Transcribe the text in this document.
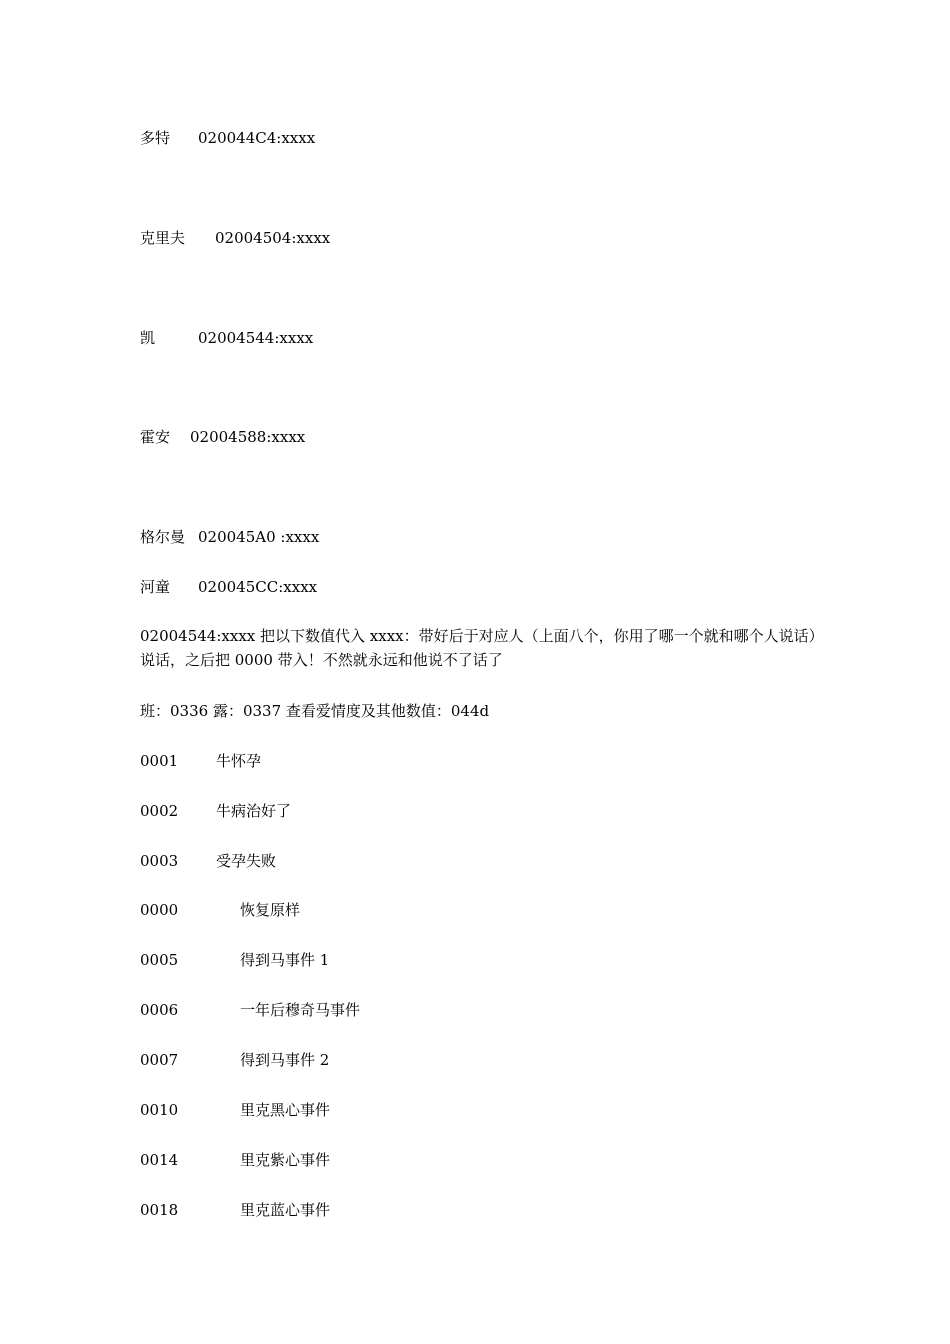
多特 020044C4:xxxx
克里夫 02004504:xxxx
凯	02004544:xxxx
霍安 02004588:xxxx
格尔曼 020045A0 :xxxx
河童 020045CC:xxxx
02004544:xxxx 把以下数值代入 xxxx：带好后于对应人（上面八个，你用了哪一个就和哪个人说话）说话，之后把 0000 带入！不然就永远和他说不了话了
班：0336 露：0337 查看爱情度及其他数值：044d
0001	牛怀孕
0002	牛病治好了
0003	受孕失败
0000	恢复原样
0005	得到马事件 1
0006	一年后穆奇马事件
0007	得到马事件 2
0010	里克黑心事件
0014	里克紫心事件
0018	里克蓝心事件
